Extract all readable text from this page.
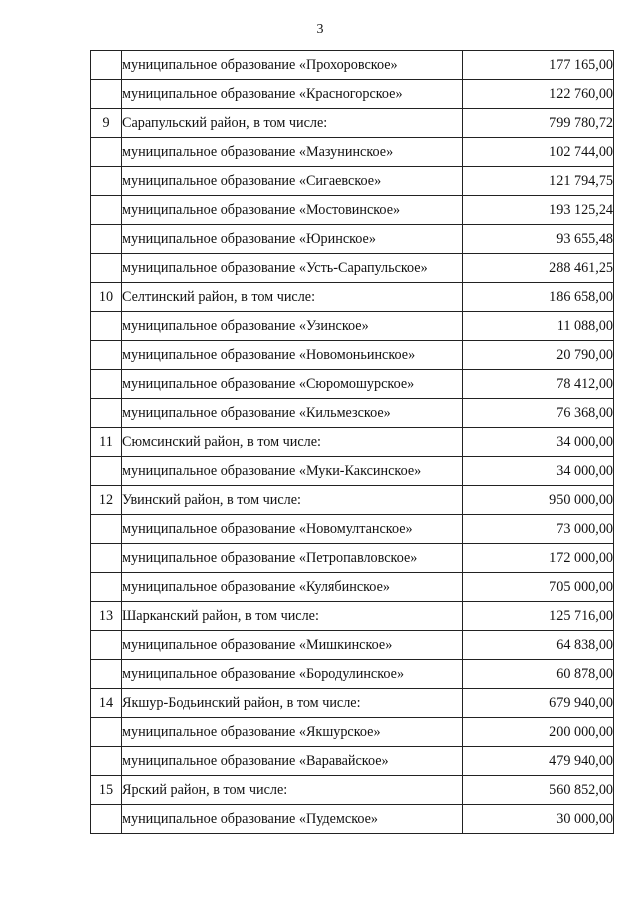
3
	муниципальное образование «Прохоровское»	177 165,00
	муниципальное образование «Красногорское»	122 760,00
9	Сарапульский район, в том числе:	799 780,72
	муниципальное образование «Мазунинское»	102 744,00
	муниципальное образование «Сигаевское»	121 794,75
	муниципальное образование «Мостовинское»	193 125,24
	муниципальное образование «Юринское»	93 655,48
	муниципальное образование «Усть-Сарапульское»	288 461,25
10	Селтинский район, в том числе:	186 658,00
	муниципальное образование «Узинское»	11 088,00
	муниципальное образование «Новомоньинское»	20 790,00
	муниципальное образование «Сюромошурское»	78 412,00
	муниципальное образование «Кильмезское»	76 368,00
11	Сюмсинский район, в том числе:	34 000,00
	муниципальное образование «Муки-Каксинское»	34 000,00
12	Увинский район, в том числе:	950 000,00
	муниципальное образование «Новомултанское»	73 000,00
	муниципальное образование «Петропавловское»	172 000,00
	муниципальное образование «Кулябинское»	705 000,00
13	Шарканский район, в том числе:	125 716,00
	муниципальное образование «Мишкинское»	64 838,00
	муниципальное образование «Бородулинское»	60 878,00
14	Якшур-Бодьинский район, в том числе:	679 940,00
	муниципальное образование «Якшурское»	200 000,00
	муниципальное образование «Варавайское»	479 940,00
15	Ярский район, в том числе:	560 852,00
	муниципальное образование «Пудемское»	30 000,00
